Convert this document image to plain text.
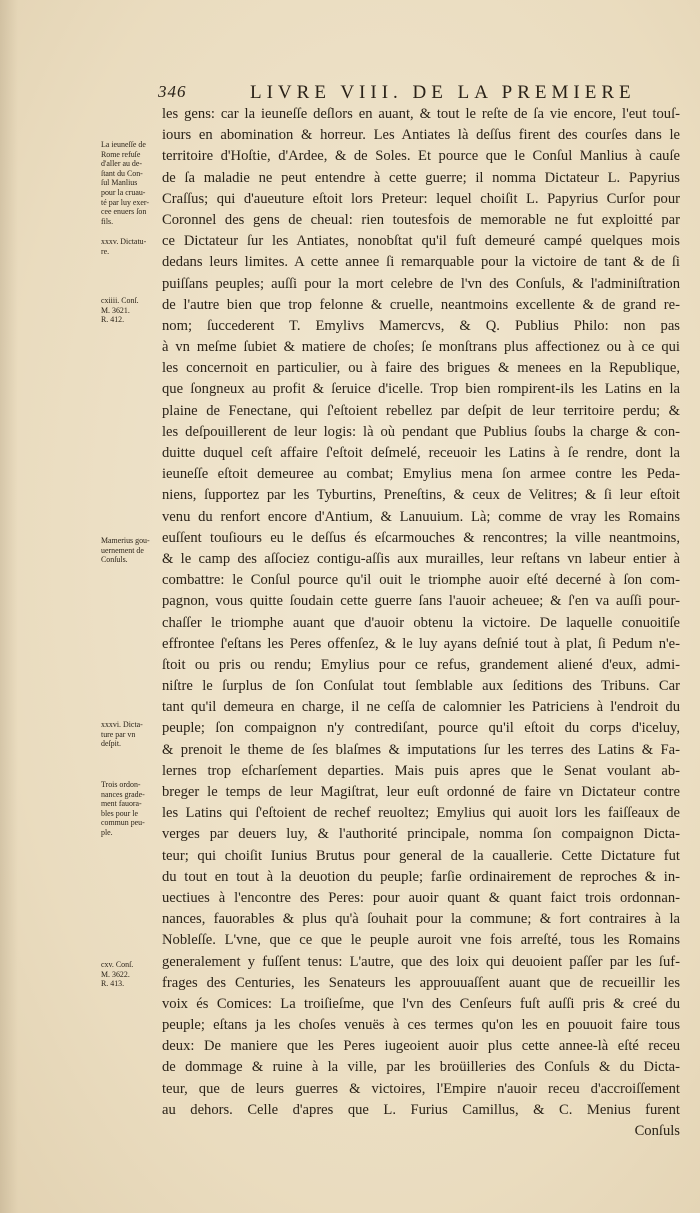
346	LIVRE VIII. DE LA PREMIERE
les gens: car la ieuneſſe deſlors en auant, & tout le reſte de ſa vie encore, l'eut touſ-
iours en abomination & horreur. Les Antiates là deſſus firent des courſes dans le
territoire d'Hoſtie, d'Ardee, & de Soles. Et pource que le Conſul Manlius à cauſe
de ſa maladie ne peut entendre à cette guerre; il nomma Dictateur L. Papyrius
Craſſus; qui d'aueuture eſtoit lors Preteur: lequel choiſit L. Papyrius Curſor pour
Coronnel des gens de cheual: rien toutesfois de memorable ne fut exploitté par
ce Dictateur ſur les Antiates, nonobſtat qu'il fuſt demeuré campé quelques mois
dedans leurs limites. A cette annee ſi remarquable pour la victoire de tant & de ſi
puiſſans peuples; auſſi pour la mort celebre de l'vn des Conſuls, & l'adminiſtration
de l'autre bien que trop felonne & cruelle, neantmoins excellente & de grand re-
nom; ſuccederent T. Emylivs Mamercvs, & Q. Publius Philo: non pas
à vn meſme ſubiet & matiere de choſes; ſe monſtrans plus affectionez ou à ce qui
les concernoit en particulier, ou à faire des brigues & menees en la Republique,
que ſongneux au profit & ſeruice d'icelle. Trop bien rompirent-ils les Latins en la
plaine de Fenectane, qui ſ'eſtoient rebellez par deſpit de leur territoire perdu; &
les deſpouillerent de leur logis: là où pendant que Publius ſoubs la charge & con-
duitte duquel ceſt affaire ſ'eſtoit deſmelé, receuoir les Latins à ſe rendre, dont la
ieuneſſe eſtoit demeuree au combat; Emylius mena ſon armee contre les Peda-
niens, ſupportez par les Tyburtins, Preneſtins, & ceux de Velitres; & ſi leur eſtoit
venu du renfort encore d'Antium, & Lanuuium. Là; comme de vray les Romains
euſſent touſiours eu le deſſus és eſcarmouches & rencontres; la ville neantmoins,
& le camp des aſſociez contigu-aſſis aux murailles, leur reſtans vn labeur entier à
combattre: le Conſul pource qu'il ouit le triomphe auoir eſté decerné à ſon com-
pagnon, vous quitte ſoudain cette guerre ſans l'auoir acheuee; & ſ'en va auſſi pour-
chaſſer le triomphe auant que d'auoir obtenu la victoire. De laquelle conuoitiſe
effrontee ſ'eſtans les Peres offenſez, & le luy ayans deſnié tout à plat, ſi Pedum n'e-
ſtoit ou pris ou rendu; Emylius pour ce refus, grandement aliené d'eux, admi-
niſtre le ſurplus de ſon Conſulat tout ſemblable aux ſeditions des Tribuns. Car
tant qu'il demeura en charge, il ne ceſſa de calomnier les Patriciens à l'endroit du
peuple; ſon compaignon n'y contrediſant, pource qu'il eſtoit du corps d'iceluy,
& prenoit le theme de ſes blaſmes & imputations ſur les terres des Latins & Fa-
lernes trop eſcharſement departies. Mais puis apres que le Senat voulant ab-
breger le temps de leur Magiſtrat, leur euſt ordonné de faire vn Dictateur contre
les Latins qui ſ'eſtoient de rechef reuoltez; Emylius qui auoit lors les faiſſeaux de
verges par deuers luy, & l'authorité principale, nomma ſon compaignon Dicta-
teur; qui choiſit Iunius Brutus pour general de la caualler​ie. Cette Dictature fut
du tout en tout à la deuotion du peuple; farſie ordinairement de reproches & in-
uectiues à l'encontre des Peres: pour auoir quant & quant faict trois ordonnan-
nances, fauorables & plus qu'à ſouhait pour la commune; & fort contraires à la
Nobleſſe. L'vne, que ce que le peuple auroit vne fois arreſté, tous les Romains
generalement y fuſſent tenus: L'autre, que des loix qui deuoient paſſer par les ſuf-
frages des Centuries, les Senateurs les approuuaſſent auant que de recueillir les
voix és Comices: La troiſieſme, que l'vn des Cenſeurs fuſt auſſi pris & creé du
peuple; eſtans ja les choſes venuës à ces termes qu'on les en pouuoit faire tous
deux: De maniere que les Peres iugeoient auoir plus cette annee-là eſté receu
de dommage & ruine à la ville, par les broüilleries des Conſuls & du Dicta-
teur, que de leurs guerres & victoires, l'Empire n'auoir receu d'accroiſſement
au dehors. Celle d'apres que L. Furius Camillus, & C. Menius furent
Conſuls
La ieuneſſe de
Rome refuſe
d'aller au de-
ſtant du Con-
ſul Manlius
pour la cruau-
té par luy exer-
cee enuers ſon
fils.
xxxv. Dictatu-
re.
cxiiii. Conſ.
M. 3621.
R. 412.
Mamerius gou-
uernement de
Conſuls.
xxxvi. Dicta-
ture par vn
deſpit.
Trois ordon-
nances grade-
ment fauora-
bles pour le
commun peu-
ple.
cxv. Conſ.
M. 3622.
R. 413.
